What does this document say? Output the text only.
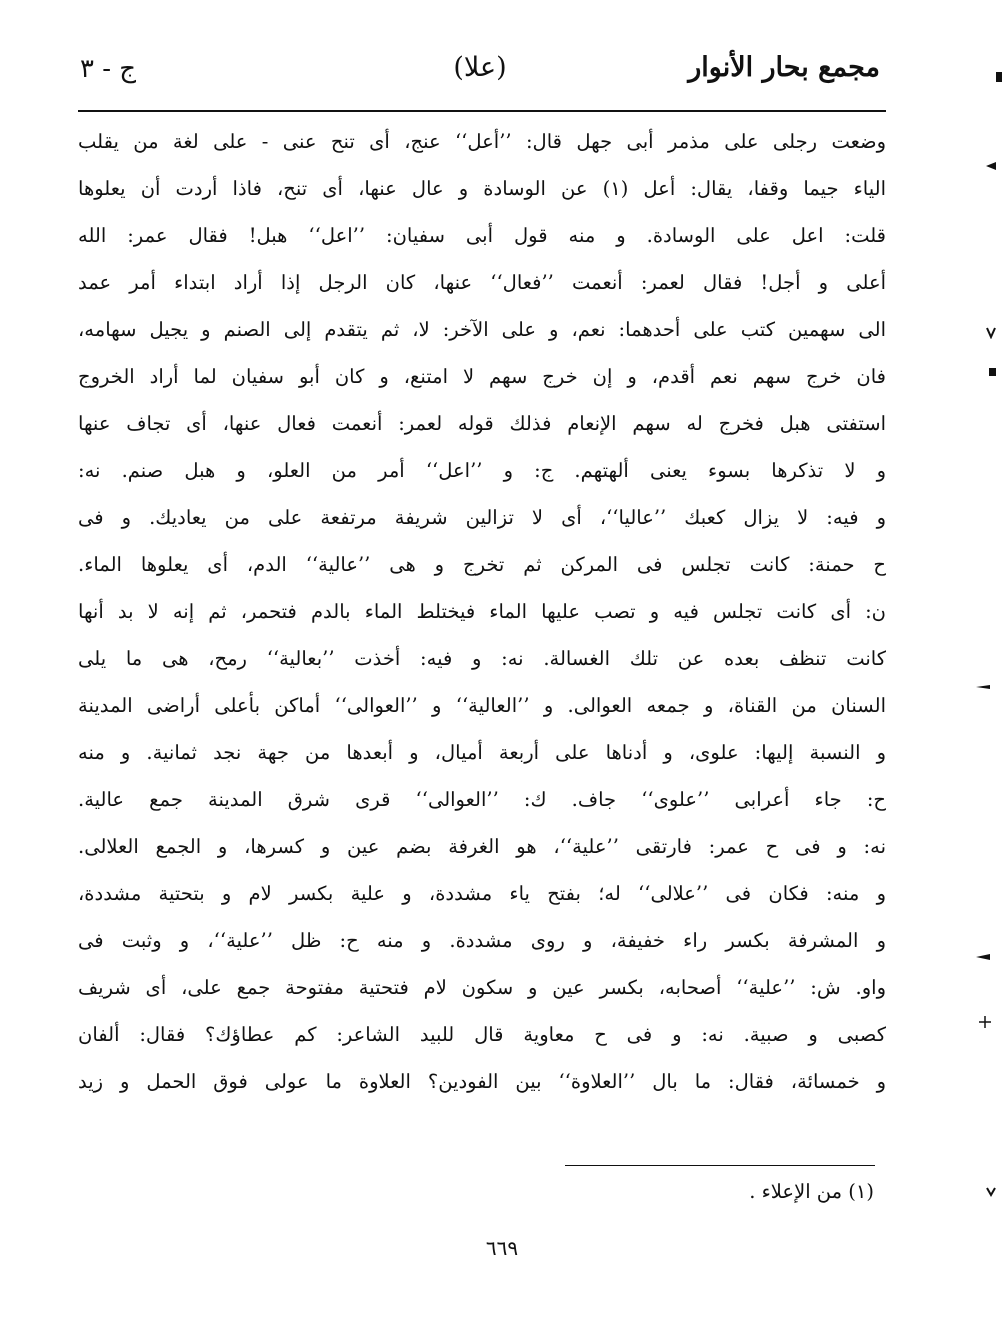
مجمع بحار الأنوار
(علا)
ج - ٣
وضعت رجلى على مذمر أبى جهل قال: ’’أعل‘‘ عنج، أى تنح عنى - على لغة من يقلب
الياء جيما وقفا، يقال: أعل (١) عن الوسادة و عال عنها، أى تنح، فاذا أردت أن يعلوها
قلت: اعل على الوسادة. و منه قول أبى سفيان: ’’اعل‘‘ هبل! فقال عمر: الله
أعلى و أجل! فقال لعمر: أنعمت ’’فعال‘‘ عنها، كان الرجل إذا أراد ابتداء أمر عمد
الى سهمين كتب على أحدهما: نعم، و على الآخر: لا، ثم يتقدم إلى الصنم و يجيل سهامه،
فان خرج سهم نعم أقدم، و إن خرج سهم لا امتنع، و كان أبو سفيان لما أراد الخروج
استفتى هبل فخرج له سهم الإنعام فذلك قوله لعمر: أنعمت فعال عنها، أى تجاف عنها
و لا تذكرها بسوء يعنى ألهتهم. ج: و ’’اعل‘‘ أمر من العلو، و هبل صنم. نه:
و فيه: لا يزال كعبك ’’عاليا‘‘، أى لا تزالين شريفة مرتفعة على من يعاديك. و فى
ح حمنة: كانت تجلس فى المركن ثم تخرج و هى ’’عالية‘‘ الدم، أى يعلوها الماء.
ن: أى كانت تجلس فيه و تصب عليها الماء فيختلط الماء بالدم فتحمر، ثم إنه لا بد أنها
كانت تنظف بعده عن تلك الغسالة. نه: و فيه: أخذت ’’بعالية‘‘ رمح، هى ما يلى
السنان من القناة، و جمعه العوالى. و ’’العالية‘‘ و ’’العوالى‘‘ أماكن بأعلى أراضى المدينة
و النسبة إليها: علوى، و أدناها على أربعة أميال، و أبعدها من جهة نجد ثمانية. و منه
ح: جاء أعرابى ’’علوى‘‘ جاف. ك: ’’العوالى‘‘ قرى شرق المدينة جمع عالية.
نه: و فى ح عمر: فارتقى ’’علية‘‘، هو الغرفة بضم عين و كسرها، و الجمع العلالى.
و منه: فكان فى ’’علالى‘‘ له؛ بفتح ياء مشددة، و علية بكسر لام و بتحتية مشددة،
و المشرفة بكسر راء خفيفة، و روى مشددة. و منه ح: ظل ’’علية‘‘، و وثبت فى
واو. ش: ’’علية‘‘ أصحابه، بكسر عين و سكون لام فتحتية مفتوحة جمع على، أى شريف
كصبى و صبية. نه: و فى ح معاوية قال للبيد الشاعر: كم عطاؤك؟ فقال: ألفان
و خمسائة، فقال: ما بال ’’العلاوة‘‘ بين الفودين؟ العلاوة ما عولى فوق الحمل و زيد
(١) من الإعلاء .
٦٦٩
